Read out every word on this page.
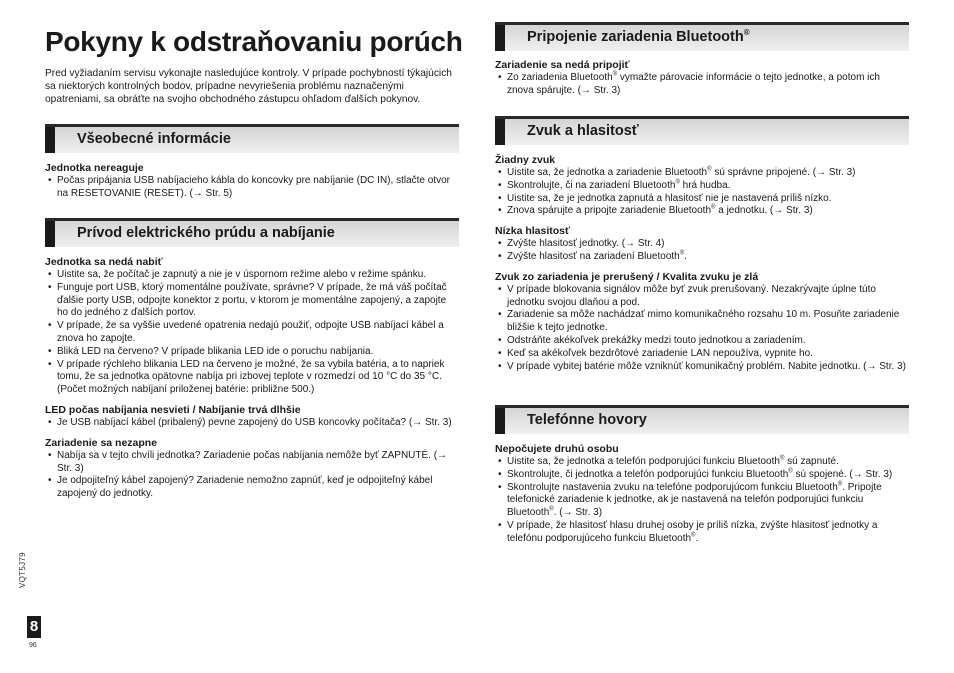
Pokyny k odstraňovaniu porúch

Pred vyžiadaním servisu vykonajte nasledujúce kontroly. V prípade pochybností týkajúcich sa niektorých kontrolných bodov, prípadne nevyriešenia problému naznačenými opatreniami, sa obráťte na svojho obchodného zástupcu ohľadom ďalších pokynov.

Všeobecné informácie

Jednotka nereaguje

• Počas pripájania USB nabíjacieho kábla do koncovky pre nabíjanie (DC IN), stlačte otvor na RESETOVANIE (RESET). (→ Str. 5)
Prívod elektrického prúdu a nabíjanie

Jednotka sa nedá nabiť

• Uistite sa, že počítač je zapnutý a nie je v úspornom režime alebo v režime spánku.
• Funguje port USB, ktorý momentálne používate, správne? V prípade, že má váš počítač ďalšie porty USB, odpojte konektor z portu, v ktorom je momentálne zapojený, a zapojte ho do jedného z ďalších portov.
• V prípade, že sa vyššie uvedené opatrenia nedajú použiť, odpojte USB nabíjací kábel a znova ho zapojte.
• Bliká LED na červeno? V prípade blikania LED ide o poruchu nabíjania.
• V prípade rýchleho blikania LED na červeno je možné, že sa vybila batéria, a to napriek tomu, že sa jednotka opätovne nabíja pri izbovej teplote v rozmedzí od 10 °C do 35 °C. (Počet možných nabíjaní priloženej batérie: približne 500.)

LED počas nabíjania nesvieti / Nabíjanie trvá dlhšie

• Je USB nabíjací kábel (pribalený) pevne zapojený do USB koncovky počítača? (→ Str. 3)

Zariadenie sa nezapne

• Nabíja sa v tejto chvíli jednotka? Zariadenie počas nabíjania nemôže byť ZAPNUTÉ. (→ Str. 3)
• Je odpojiteľný kábel zapojený? Zariadenie nemožno zapnúť, keď je odpojiteľný kábel zapojený do jednotky.
Pripojenie zariadenia Bluetooth®

Zariadenie sa nedá pripojiť

• Zo zariadenia Bluetooth® vymažte párovacie informácie o tejto jednotke, a potom ich znova spárujte. (→ Str. 3)
Zvuk a hlasitosť

Žiadny zvuk

• Uistite sa, že jednotka a zariadenie Bluetooth® sú správne pripojené. (→ Str. 3)
• Skontrolujte, či na zariadení Bluetooth® hrá hudba.
• Uistite sa, že je jednotka zapnutá a hlasitosť nie je nastavená príliš nízko.
• Znova spárujte a pripojte zariadenie Bluetooth® a jednotku. (→ Str. 3)

Nízka hlasitosť

• Zvýšte hlasitosť jednotky. (→ Str. 4)
• Zvýšte hlasitosť na zariadení Bluetooth®.

Zvuk zo zariadenia je prerušený / Kvalita zvuku je zlá

• V prípade blokovania signálov môže byť zvuk prerušovaný. Nezakrývajte úplne túto jednotku svojou dlaňou a pod.
• Zariadenie sa môže nachádzať mimo komunikačného rozsahu 10 m. Posuňte zariadenie bližšie k tejto jednotke.
• Odstráňte akékoľvek prekážky medzi touto jednotkou a zariadením.
• Keď sa akékoľvek bezdrôtové zariadenie LAN nepoužíva, vypnite ho.
• V prípade vybitej batérie môže vzniknúť komunikačný problém. Nabite jednotku. (→ Str. 3)
Telefónne hovory

Nepočujete druhú osobu

• Uistite sa, že jednotka a telefón podporujúci funkciu Bluetooth® sú zapnuté.
• Skontrolujte, či jednotka a telefón podporujúci funkciu Bluetooth® sú spojené. (→ Str. 3)
• Skontrolujte nastavenia zvuku na telefóne podporujúcom funkciu Bluetooth®. Pripojte telefonické zariadenie k jednotke, ak je nastavená na telefón podporujúci funkciu Bluetooth®. (→ Str. 3)
• V prípade, že hlasitosť hlasu druhej osoby je príliš nízka, zvýšte hlasitosť jednotky a telefónu podporujúceho funkciu Bluetooth®.
VQT5J79
8
96
